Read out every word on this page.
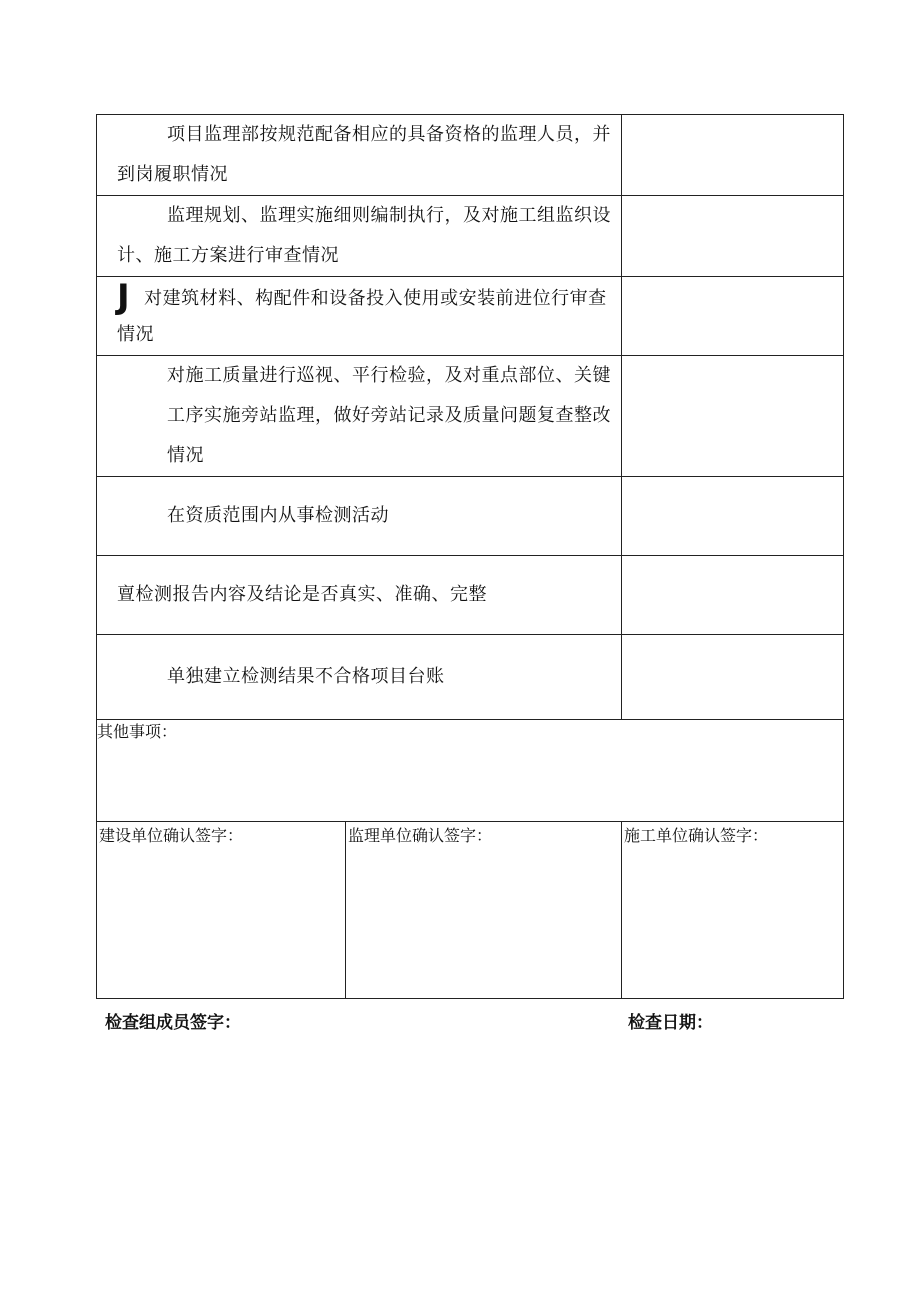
项目监理部按规范配备相应的具备资格的监理人员，并到岗履职情况		

监理规划、监理实施细则编制执行，及对施工组监织设计、施工方案进行审查情况		

J对建筑材料、构配件和设备投入使用或安装前进位行审查情况		

对施工质量进行巡视、平行检验，及对重点部位、关键工序实施旁站监理，做好旁站记录及质量问题复查整改情况		

在资质范围内从事检测活动		

亶检测报告内容及结论是否真实、准确、完整		

单独建立检测结果不合格项目台账		

其他事项：		
建设单位确认签字：	监理单位确认签字：	施工单位确认签字：
检查组成员签字：	检查日期：
